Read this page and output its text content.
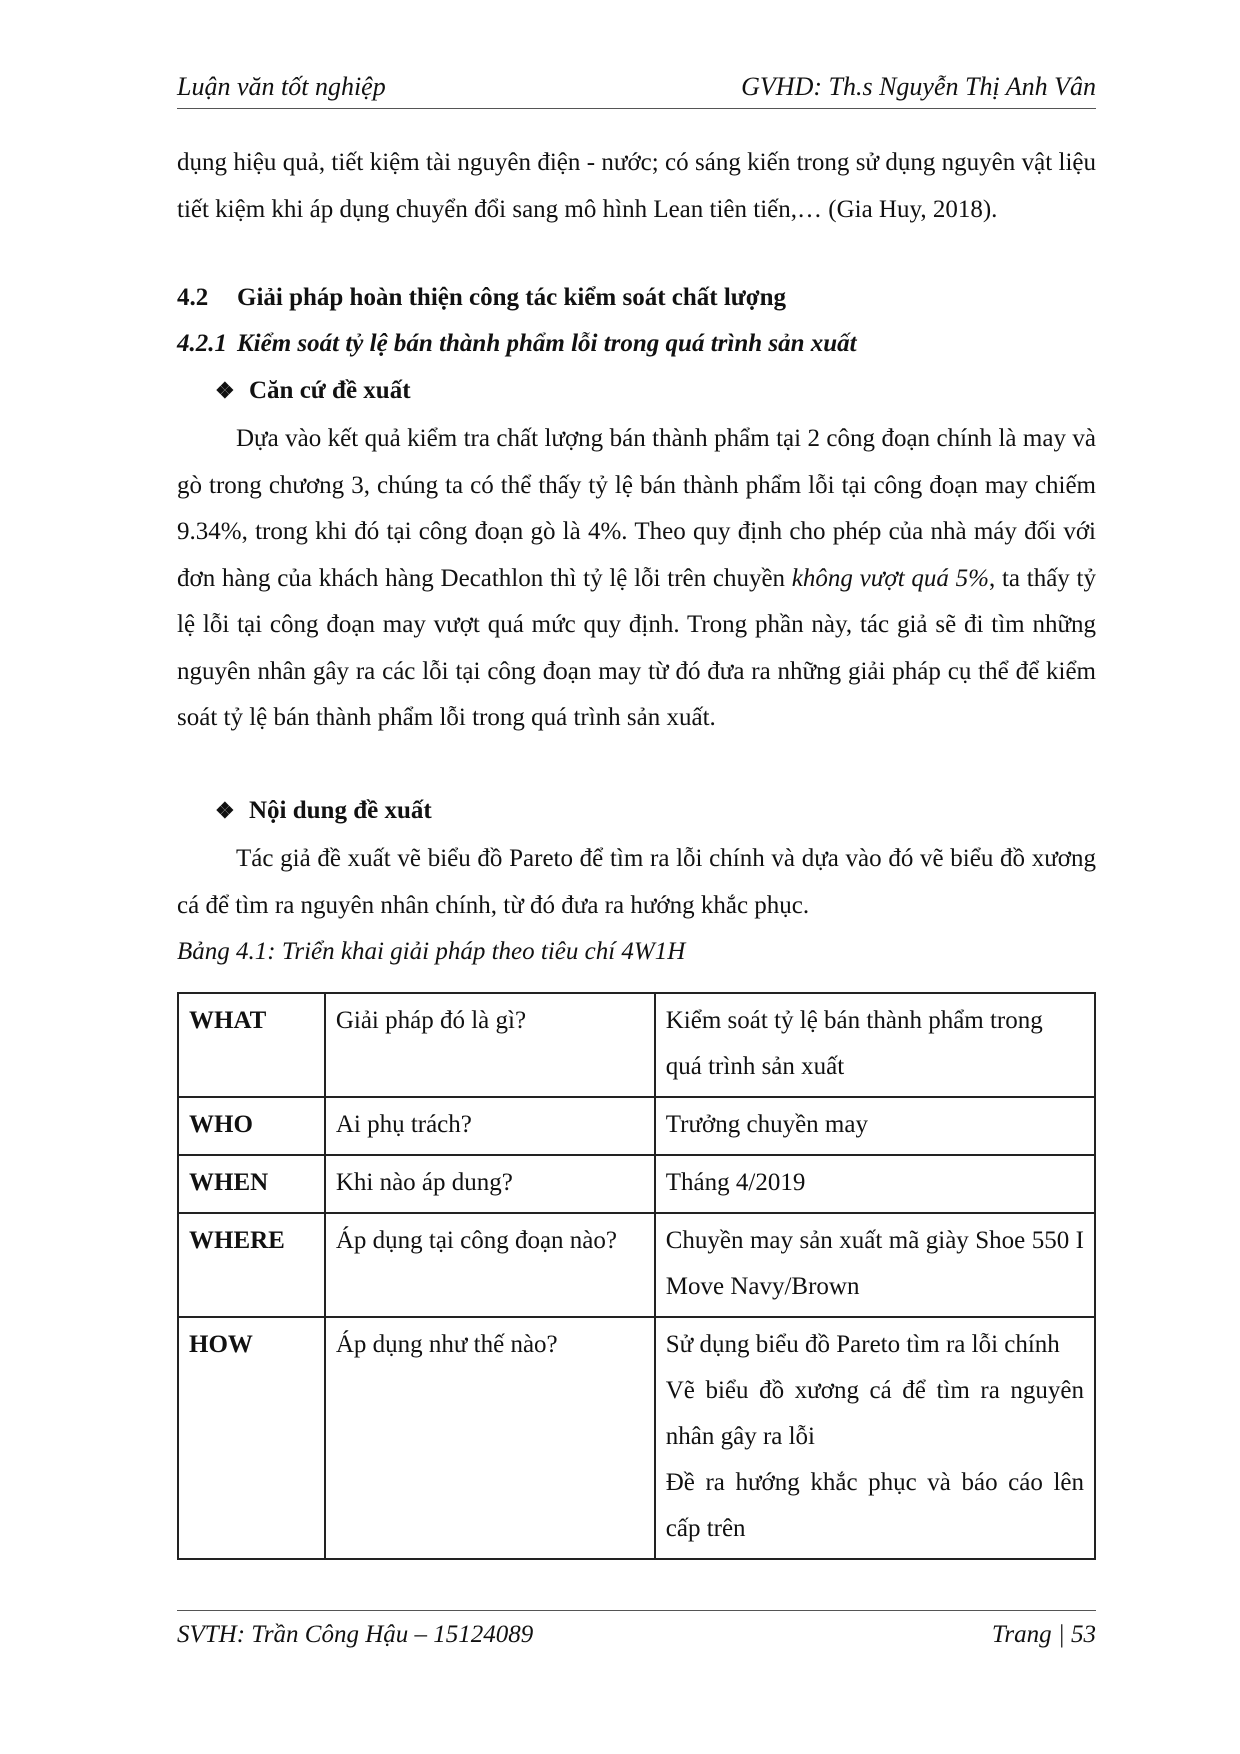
Luận văn tốt nghiệp	GVHD: Th.s Nguyễn Thị Anh Vân

dụng hiệu quả, tiết kiệm tài nguyên điện - nước; có sáng kiến trong sử dụng nguyên vật liệu tiết kiệm khi áp dụng chuyển đổi sang mô hình Lean tiên tiến,… (Gia Huy, 2018).

4.2 Giải pháp hoàn thiện công tác kiểm soát chất lượng

4.2.1 Kiểm soát tỷ lệ bán thành phẩm lỗi trong quá trình sản xuất

❖ Căn cứ đề xuất

Dựa vào kết quả kiểm tra chất lượng bán thành phẩm tại 2 công đoạn chính là may và gò trong chương 3, chúng ta có thể thấy tỷ lệ bán thành phẩm lỗi tại công đoạn may chiếm 9.34%, trong khi đó tại công đoạn gò là 4%. Theo quy định cho phép của nhà máy đối với đơn hàng của khách hàng Decathlon thì tỷ lệ lỗi trên chuyền không vượt quá 5%, ta thấy tỷ lệ lỗi tại công đoạn may vượt quá mức quy định. Trong phần này, tác giả sẽ đi tìm những nguyên nhân gây ra các lỗi tại công đoạn may từ đó đưa ra những giải pháp cụ thể để kiểm soát tỷ lệ bán thành phẩm lỗi trong quá trình sản xuất.

❖ Nội dung đề xuất

Tác giả đề xuất vẽ biểu đồ Pareto để tìm ra lỗi chính và dựa vào đó vẽ biểu đồ xương cá để tìm ra nguyên nhân chính, từ đó đưa ra hướng khắc phục.

Bảng 4.1: Triển khai giải pháp theo tiêu chí 4W1H

WHAT	Giải pháp đó là gì?	Kiểm soát tỷ lệ bán thành phẩm trong quá trình sản xuất
WHO	Ai phụ trách?	Trưởng chuyền may
WHEN	Khi nào áp dung?	Tháng 4/2019
WHERE	Áp dụng tại công đoạn nào?	Chuyền may sản xuất mã giày Shoe 550 I Move Navy/Brown
HOW	Áp dụng như thế nào?	Sử dụng biểu đồ Pareto tìm ra lỗi chính
Vẽ biểu đồ xương cá để tìm ra nguyên nhân gây ra lỗi
Đề ra hướng khắc phục và báo cáo lên cấp trên
SVTH: Trần Công Hậu – 15124089	Trang | 53
